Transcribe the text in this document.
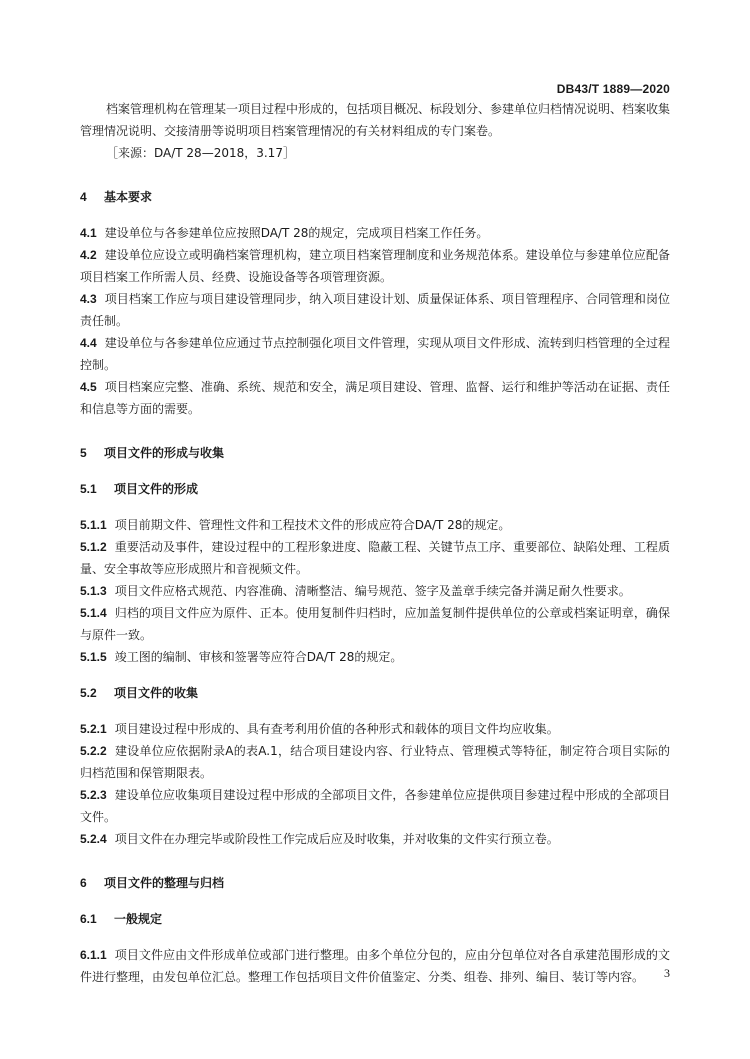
DB43/T 1889—2020

档案管理机构在管理某一项目过程中形成的，包括项目概况、标段划分、参建单位归档情况说明、档案收集管理情况说明、交接清册等说明项目档案管理情况的有关材料组成的专门案卷。

［来源：DA/T 28—2018，3.17］

4 基本要求

4.1 建设单位与各参建单位应按照DA/T 28的规定，完成项目档案工作任务。

4.2 建设单位应设立或明确档案管理机构，建立项目档案管理制度和业务规范体系。建设单位与参建单位应配备项目档案工作所需人员、经费、设施设备等各项管理资源。

4.3 项目档案工作应与项目建设管理同步，纳入项目建设计划、质量保证体系、项目管理程序、合同管理和岗位责任制。

4.4 建设单位与各参建单位应通过节点控制强化项目文件管理，实现从项目文件形成、流转到归档管理的全过程控制。

4.5 项目档案应完整、准确、系统、规范和安全，满足项目建设、管理、监督、运行和维护等活动在证据、责任和信息等方面的需要。

5 项目文件的形成与收集

5.1 项目文件的形成

5.1.1 项目前期文件、管理性文件和工程技术文件的形成应符合DA/T 28的规定。

5.1.2 重要活动及事件，建设过程中的工程形象进度、隐蔽工程、关键节点工序、重要部位、缺陷处理、工程质量、安全事故等应形成照片和音视频文件。

5.1.3 项目文件应格式规范、内容准确、清晰整洁、编号规范、签字及盖章手续完备并满足耐久性要求。

5.1.4 归档的项目文件应为原件、正本。使用复制件归档时，应加盖复制件提供单位的公章或档案证明章，确保与原件一致。

5.1.5 竣工图的编制、审核和签署等应符合DA/T 28的规定。

5.2 项目文件的收集

5.2.1 项目建设过程中形成的、具有查考利用价值的各种形式和载体的项目文件均应收集。

5.2.2 建设单位应依据附录A的表A.1，结合项目建设内容、行业特点、管理模式等特征，制定符合项目实际的归档范围和保管期限表。

5.2.3 建设单位应收集项目建设过程中形成的全部项目文件，各参建单位应提供项目参建过程中形成的全部项目文件。

5.2.4 项目文件在办理完毕或阶段性工作完成后应及时收集，并对收集的文件实行预立卷。

6 项目文件的整理与归档

6.1 一般规定

6.1.1 项目文件应由文件形成单位或部门进行整理。由多个单位分包的，应由分包单位对各自承建范围形成的文件进行整理，由发包单位汇总。整理工作包括项目文件价值鉴定、分类、组卷、排列、编目、装订等内容。	3
